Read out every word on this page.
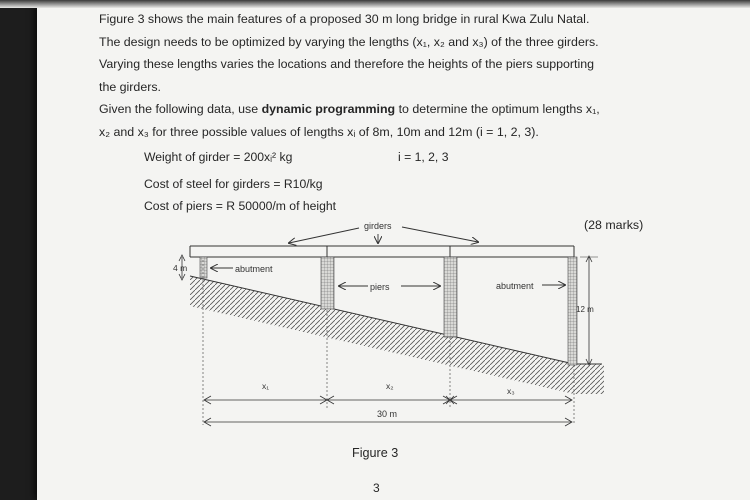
Figure 3 shows the main features of a proposed 30 m long bridge in rural Kwa Zulu Natal.
The design needs to be optimized by varying the lengths (x₁, x₂ and x₃) of the three girders.
Varying these lengths varies the locations and therefore the heights of the piers supporting
the girders.
Given the following data, use dynamic programming to determine the optimum lengths x₁,
x₂ and x₃ for three possible values of lengths xᵢ of 8m, 10m and 12m (i = 1, 2, 3).
Weight of girder = 200xᵢ² kg	i = 1, 2, 3
Cost of steel for girders = R10/kg
Cost of piers = R 50000/m of height
(28 marks)
girders
abutment
piers	abutment
4 m
12 m
x₁	x₂	x₃
30 m
Figure 3
3
